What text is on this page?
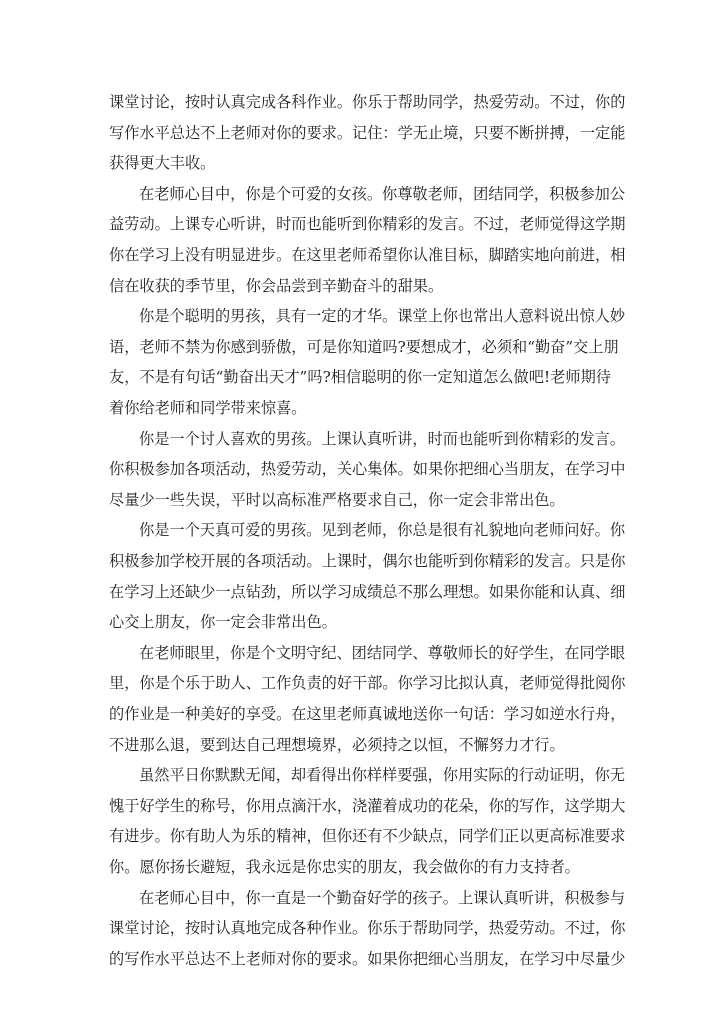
课堂讨论，按时认真完成各科作业。你乐于帮助同学，热爱劳动。不过，你的
写作水平总达不上老师对你的要求。记住：学无止境，只要不断拼搏，一定能
获得更大丰收。
在老师心目中，你是个可爱的女孩。你尊敬老师，团结同学，积极参加公
益劳动。上课专心听讲，时而也能听到你精彩的发言。不过，老师觉得这学期
你在学习上没有明显进步。在这里老师希望你认准目标，脚踏实地向前进，相
信在收获的季节里，你会品尝到辛勤奋斗的甜果。
你是个聪明的男孩，具有一定的才华。课堂上你也常出人意料说出惊人妙
语，老师不禁为你感到骄傲，可是你知道吗?要想成才，必须和“勤奋”交上朋
友，不是有句话“勤奋出天才”吗?相信聪明的你一定知道怎么做吧!老师期待
着你给老师和同学带来惊喜。
你是一个讨人喜欢的男孩。上课认真听讲，时而也能听到你精彩的发言。
你积极参加各项活动，热爱劳动，关心集体。如果你把细心当朋友，在学习中
尽量少一些失误，平时以高标准严格要求自己，你一定会非常出色。
你是一个天真可爱的男孩。见到老师，你总是很有礼貌地向老师问好。你
积极参加学校开展的各项活动。上课时，偶尔也能听到你精彩的发言。只是你
在学习上还缺少一点钻劲，所以学习成绩总不那么理想。如果你能和认真、细
心交上朋友，你一定会非常出色。
在老师眼里，你是个文明守纪、团结同学、尊敬师长的好学生，在同学眼
里，你是个乐于助人、工作负责的好干部。你学习比拟认真，老师觉得批阅你
的作业是一种美好的享受。在这里老师真诚地送你一句话：学习如逆水行舟，
不进那么退，要到达自己理想境界，必须持之以恒，不懈努力才行。
虽然平日你默默无闻，却看得出你样样要强，你用实际的行动证明，你无
愧于好学生的称号，你用点滴汗水，浇灌着成功的花朵，你的写作，这学期大
有进步。你有助人为乐的精神，但你还有不少缺点，同学们正以更高标准要求
你。愿你扬长避短，我永远是你忠实的朋友，我会做你的有力支持者。
在老师心目中，你一直是一个勤奋好学的孩子。上课认真听讲，积极参与
课堂讨论，按时认真地完成各种作业。你乐于帮助同学，热爱劳动。不过，你
的写作水平总达不上老师对你的要求。如果你把细心当朋友，在学习中尽量少
